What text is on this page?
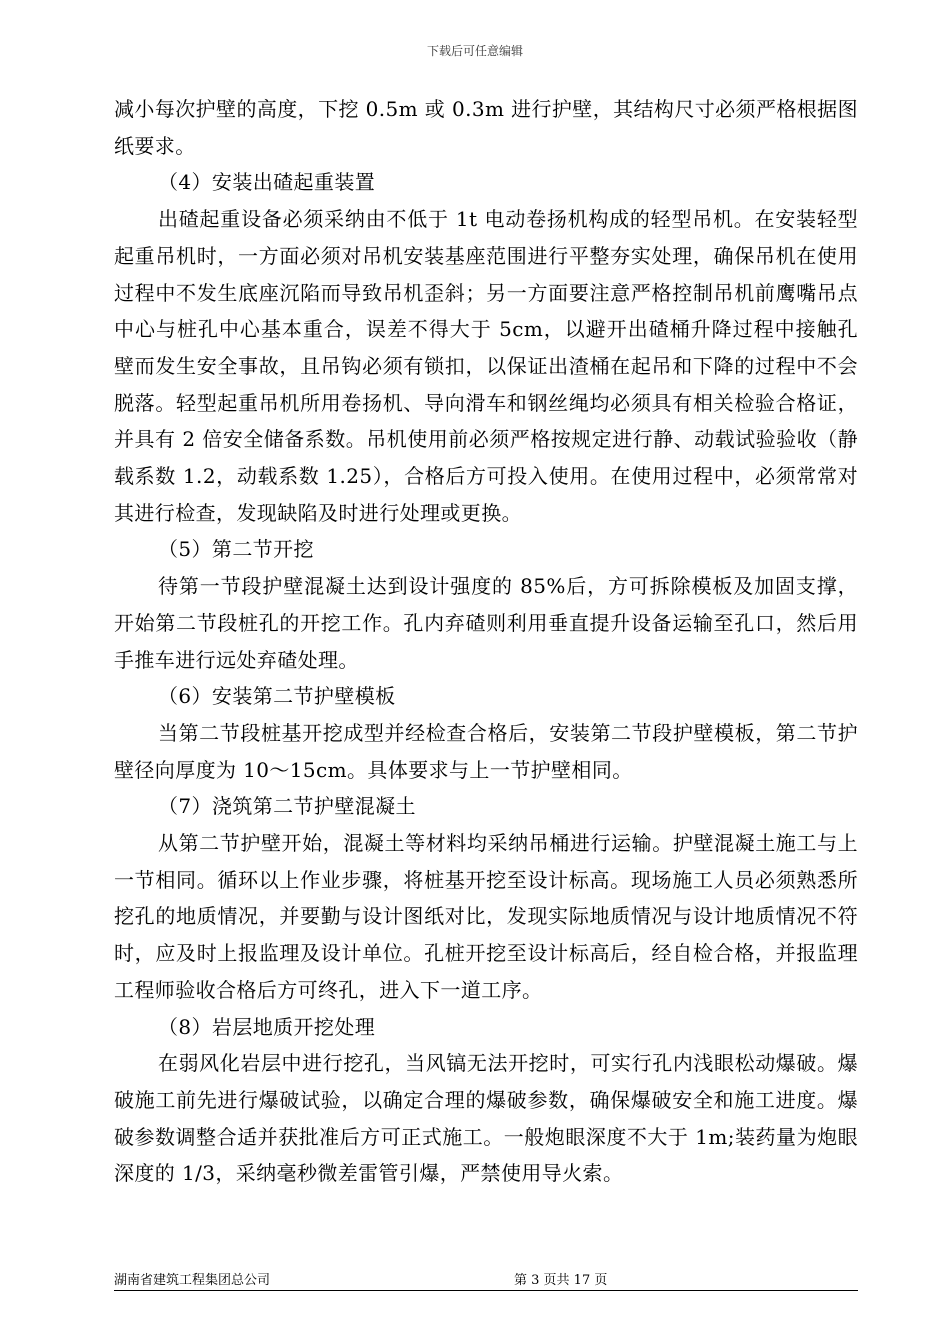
下载后可任意编辑

减小每次护壁的高度，下挖 0.5m 或 0.3m 进行护壁，其结构尺寸必须严格根据图纸要求。

（4）安装出碴起重装置

出碴起重设备必须采纳由不低于 1t 电动卷扬机构成的轻型吊机。在安装轻型起重吊机时，一方面必须对吊机安装基座范围进行平整夯实处理，确保吊机在使用过程中不发生底座沉陷而导致吊机歪斜；另一方面要注意严格控制吊机前鹰嘴吊点中心与桩孔中心基本重合，误差不得大于 5cm，以避开出碴桶升降过程中接触孔壁而发生安全事故，且吊钩必须有锁扣，以保证出渣桶在起吊和下降的过程中不会脱落。轻型起重吊机所用卷扬机、导向滑车和钢丝绳均必须具有相关检验合格证，并具有 2 倍安全储备系数。吊机使用前必须严格按规定进行静、动载试验验收（静载系数 1.2，动载系数 1.25），合格后方可投入使用。在使用过程中，必须常常对其进行检查，发现缺陷及时进行处理或更换。

（5）第二节开挖

待第一节段护壁混凝土达到设计强度的 85%后，方可拆除模板及加固支撑，开始第二节段桩孔的开挖工作。孔内弃碴则利用垂直提升设备运输至孔口，然后用手推车进行远处弃碴处理。

（6）安装第二节护壁模板

当第二节段桩基开挖成型并经检查合格后，安装第二节段护壁模板，第二节护壁径向厚度为 10～15cm。具体要求与上一节护壁相同。

（7）浇筑第二节护壁混凝土

从第二节护壁开始，混凝土等材料均采纳吊桶进行运输。护壁混凝土施工与上一节相同。循环以上作业步骤，将桩基开挖至设计标高。现场施工人员必须熟悉所挖孔的地质情况，并要勤与设计图纸对比，发现实际地质情况与设计地质情况不符时，应及时上报监理及设计单位。孔桩开挖至设计标高后，经自检合格，并报监理工程师验收合格后方可终孔，进入下一道工序。

（8）岩层地质开挖处理

在弱风化岩层中进行挖孔，当风镐无法开挖时，可实行孔内浅眼松动爆破。爆破施工前先进行爆破试验，以确定合理的爆破参数，确保爆破安全和施工进度。爆破参数调整合适并获批准后方可正式施工。一般炮眼深度不大于 1m;装药量为炮眼深度的 1/3，采纳毫秒微差雷管引爆，严禁使用导火索。

湖南省建筑工程集团总公司	第 3 页共 17 页
